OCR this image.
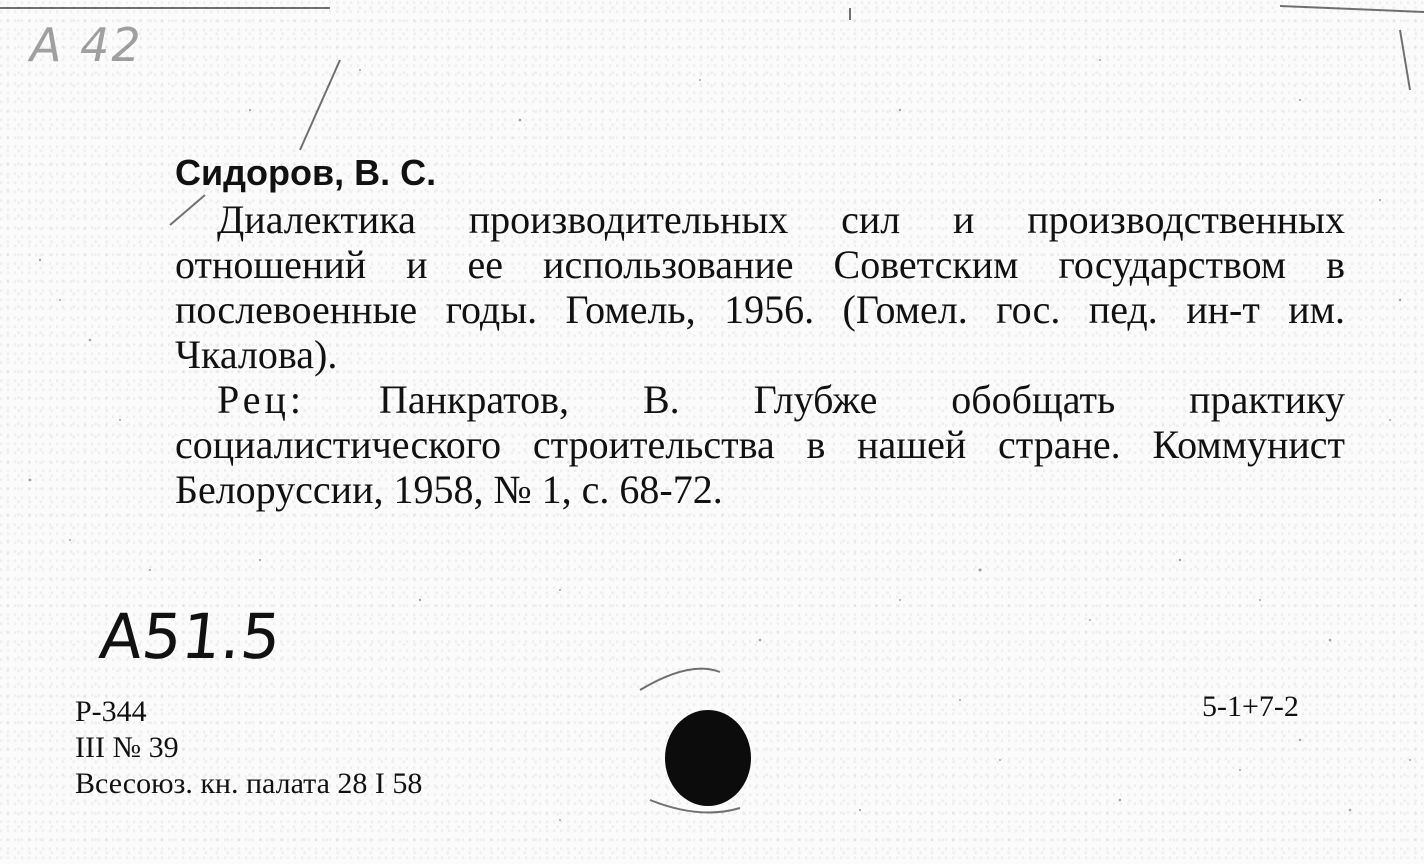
A 42
Сидоров, В. С.

Диалектика производительных сил и производственных отношений и ее использование Советским государством в послевоенные годы. Гомель, 1956. (Гомел. гос. пед. ин-т им. Чкалова).

Рец: Панкратов, В. Глубже обобщать практику социалистического строительства в нашей стране. Коммунист Белоруссии, 1958, № 1, с. 68-72.

А51.5
Р-344
III № 39
Всесоюз. кн. палата 28 I 58
5-1+7-2
